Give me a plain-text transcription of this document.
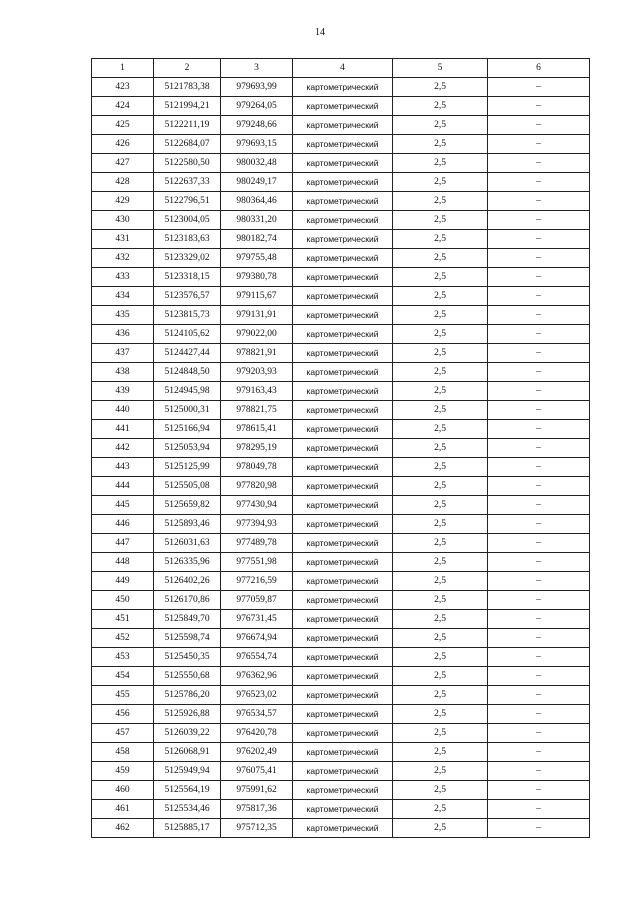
14
1	2	3	4	5	6
423	5121783,38	979693,99	картометрический	2,5	–
424	5121994,21	979264,05	картометрический	2,5	–
425	5122211,19	979248,66	картометрический	2,5	–
426	5122684,07	979693,15	картометрический	2,5	–
427	5122580,50	980032,48	картометрический	2,5	–
428	5122637,33	980249,17	картометрический	2,5	–
429	5122796,51	980364,46	картометрический	2,5	–
430	5123004,05	980331,20	картометрический	2,5	–
431	5123183,63	980182,74	картометрический	2,5	–
432	5123329,02	979755,48	картометрический	2,5	–
433	5123318,15	979380,78	картометрический	2,5	–
434	5123576,57	979115,67	картометрический	2,5	–
435	5123815,73	979131,91	картометрический	2,5	–
436	5124105,62	979022,00	картометрический	2,5	–
437	5124427,44	978821,91	картометрический	2,5	–
438	5124848,50	979203,93	картометрический	2,5	–
439	5124945,98	979163,43	картометрический	2,5	–
440	5125000,31	978821,75	картометрический	2,5	–
441	5125166,94	978615,41	картометрический	2,5	–
442	5125053,94	978295,19	картометрический	2,5	–
443	5125125,99	978049,78	картометрический	2,5	–
444	5125505,08	977820,98	картометрический	2,5	–
445	5125659,82	977430,94	картометрический	2,5	–
446	5125893,46	977394,93	картометрический	2,5	–
447	5126031,63	977489,78	картометрический	2,5	–
448	5126335,96	977551,98	картометрический	2,5	–
449	5126402,26	977216,59	картометрический	2,5	–
450	5126170,86	977059,87	картометрический	2,5	–
451	5125849,70	976731,45	картометрический	2,5	–
452	5125598,74	976674,94	картометрический	2,5	–
453	5125450,35	976554,74	картометрический	2,5	–
454	5125550,68	976362,96	картометрический	2,5	–
455	5125786,20	976523,02	картометрический	2,5	–
456	5125926,88	976534,57	картометрический	2,5	–
457	5126039,22	976420,78	картометрический	2,5	–
458	5126068,91	976202,49	картометрический	2,5	–
459	5125949,94	976075,41	картометрический	2,5	–
460	5125564,19	975991,62	картометрический	2,5	–
461	5125534,46	975817,36	картометрический	2,5	–
462	5125885,17	975712,35	картометрический	2,5	–
